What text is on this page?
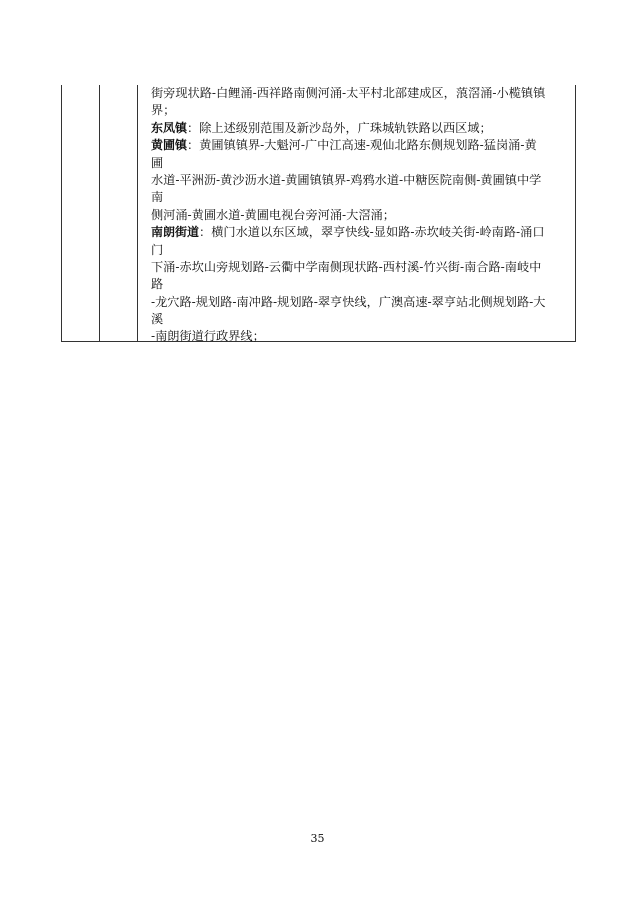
街旁现状路-白鲤涌-西祥路南侧河涌-太平村北部建成区，蒗滘涌-小榄镇镇
界；
东凤镇：除上述级别范围及新沙岛外，广珠城轨铁路以西区域；
黄圃镇：黄圃镇镇界-大魁河-广中江高速-观仙北路东侧规划路-猛岗涌-黄
圃
水道-平洲沥-黄沙沥水道-黄圃镇镇界-鸡鸦水道-中糖医院南侧-黄圃镇中学
南
侧河涌-黄圃水道-黄圃电视台旁河涌-大滘涌；
南朗街道：横门水道以东区域，翠亨快线-显如路-赤坎岐关街-岭南路-涌口
门
下涌-赤坎山旁规划路-云衢中学南侧现状路-西村溪-竹兴街-南合路-南岐中
路
-龙穴路-规划路-南冲路-规划路-翠亨快线，广澳高速-翠亨站北侧规划路-大
溪
-南朗街道行政界线；
35
